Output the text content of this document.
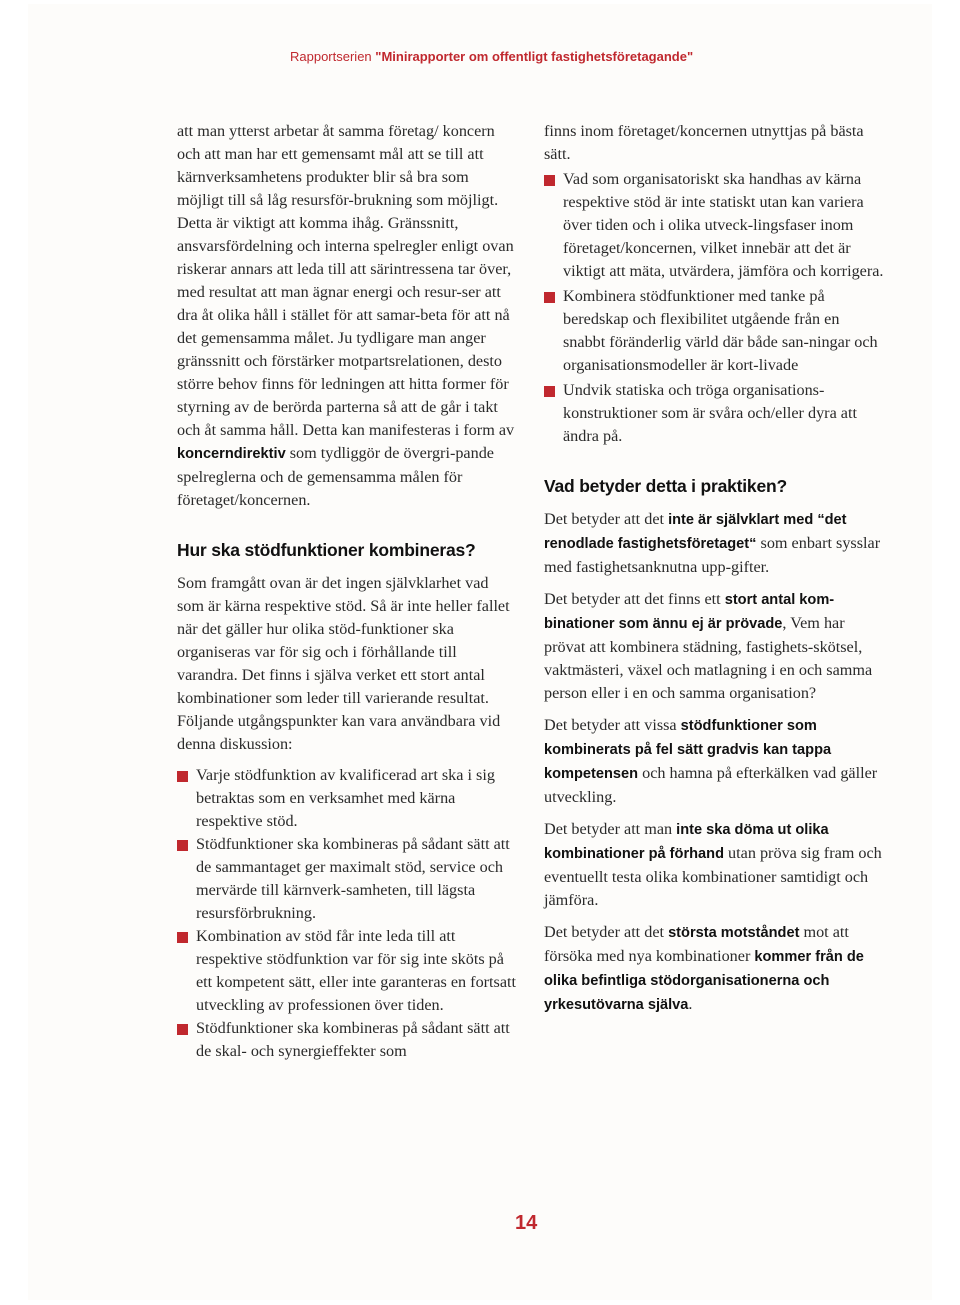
Rapportserien "Minirapporter om offentligt fastighetsföretagande"

att man ytterst arbetar åt samma företag/ koncern och att man har ett gemensamt mål att se till att kärnverksamhetens produkter blir så bra som möjligt till så låg resursför-brukning som möjligt. Detta är viktigt att komma ihåg. Gränssnitt, ansvarsfördelning och interna spelregler enligt ovan riskerar annars att leda till att särintressena tar över, med resultat att man ägnar energi och resur-ser att dra åt olika håll i stället för att samar-beta för att nå det gemensamma målet. Ju tydligare man anger gränssnitt och förstärker motpartsrelationen, desto större behov finns för ledningen att hitta former för styrning av de berörda parterna så att de går i takt och åt samma håll. Detta kan manifesteras i form av koncerndirektiv som tydliggör de övergri-pande spelreglerna och de gemensamma målen för företaget/koncernen.

Hur ska stödfunktioner kombineras?

Som framgått ovan är det ingen självklarhet vad som är kärna respektive stöd. Så är inte heller fallet när det gäller hur olika stöd-funktioner ska organiseras var för sig och i förhållande till varandra. Det finns i själva verket ett stort antal kombinationer som leder till varierande resultat. Följande utgångspunkter kan vara användbara vid denna diskussion:

Varje stödfunktion av kvalificerad art ska i sig betraktas som en verksamhet med kärna respektive stöd.
Stödfunktioner ska kombineras på sådant sätt att de sammantaget ger maximalt stöd, service och mervärde till kärnverk-samheten, till lägsta resursförbrukning.
Kombination av stöd får inte leda till att respektive stödfunktion var för sig inte sköts på ett kompetent sätt, eller inte garanteras en fortsatt utveckling av professionen över tiden.
Stödfunktioner ska kombineras på sådant sätt att de skal- och synergieffekter som

finns inom företaget/koncernen utnyttjas på bästa sätt.

Vad som organisatoriskt ska handhas av kärna respektive stöd är inte statiskt utan kan variera över tiden och i olika utveck-lingsfaser inom företaget/koncernen, vilket innebär att det är viktigt att mäta, utvärdera, jämföra och korrigera.
Kombinera stödfunktioner med tanke på beredskap och flexibilitet utgående från en snabbt föränderlig värld där både san-ningar och organisationsmodeller är kort-livade
Undvik statiska och tröga organisations-konstruktioner som är svåra och/eller dyra att ändra på.
Vad betyder detta i praktiken?

Det betyder att det inte är självklart med “det renodlade fastighetsföretaget“ som enbart sysslar med fastighetsanknutna upp-gifter.

Det betyder att det finns ett stort antal kom-binationer som ännu ej är prövade, Vem har prövat att kombinera städning, fastighets-skötsel, vaktmästeri, växel och matlagning i en och samma person eller i en och samma organisation?

Det betyder att vissa stödfunktioner som kombinerats på fel sätt gradvis kan tappa kompetensen och hamna på efterkälken vad gäller utveckling.

Det betyder att man inte ska döma ut olika kombinationer på förhand utan pröva sig fram och eventuellt testa olika kombinationer samtidigt och jämföra.

Det betyder att det största motståndet mot att försöka med nya kombinationer kommer från de olika befintliga stödorganisationerna och yrkesutövarna själva.

14
